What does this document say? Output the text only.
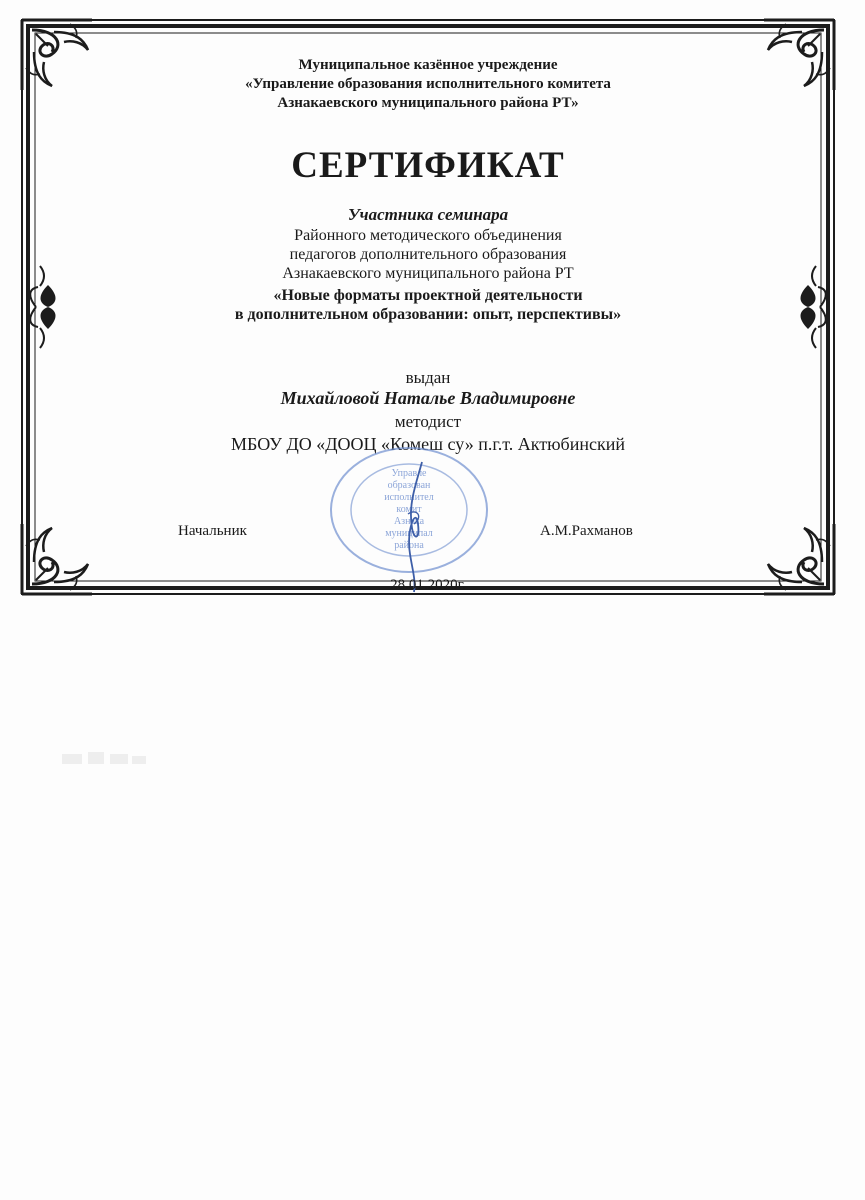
Муниципальное казённое учреждение

«Управление образования исполнительного комитета

Азнакаевского муниципального района РТ»

СЕРТИФИКАТ

Участника семинара

Районного методического объединения

педагогов дополнительного образования

Азнакаевского муниципального района РТ

«Новые форматы проектной деятельности

в дополнительном образовании: опыт, перспективы»

выдан

Михайловой Наталье Владимировне

методист

МБОУ ДО «ДООЦ «Комеш су» п.г.т. Актюбинский

Управле
образован
исполнител
комит
Азнака
муниципал
района
Начальник	А.М.Рахманов

28.01.2020г.
